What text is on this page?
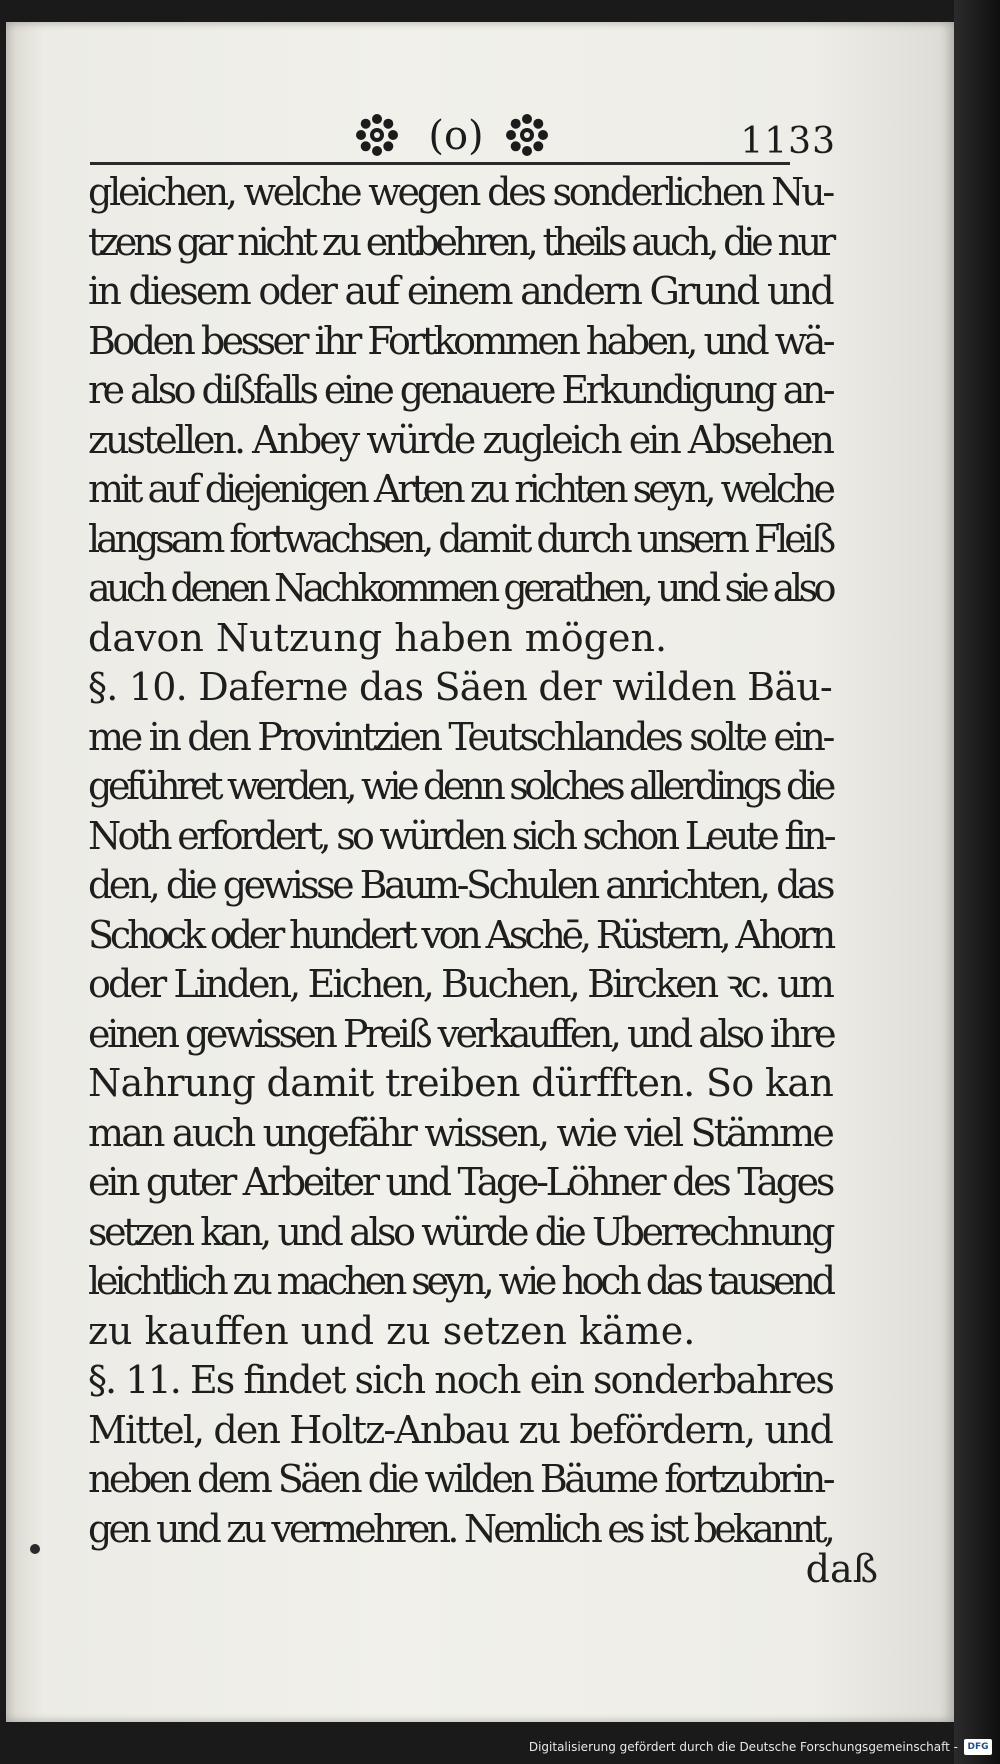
(o)	1133
gleichen, welche wegen des sonderlichen Nu-
tzens gar nicht zu entbehren, theils auch, die nur
in diesem oder auf einem andern Grund und
Boden besser ihr Fortkommen haben, und wä-
re also dißfalls eine genauere Erkundigung an-
zustellen. Anbey würde zugleich ein Absehen
mit auf diejenigen Arten zu richten seyn, welche
langsam fortwachsen, damit durch unsern Fleiß
auch denen Nachkommen gerathen, und sie also
davon Nutzung haben mögen.
§. 10. Daferne das Säen der wilden Bäu-
me in den Provintzien Teutschlandes solte ein-
geführet werden, wie denn solches allerdings die
Noth erfordert, so würden sich schon Leute fin-
den, die gewisse Baum-Schulen anrichten, das
Schock oder hundert von Aschē, Rüstern, Ahorn
oder Linden, Eichen, Buchen, Bircken ꝛc. um
einen gewissen Preiß verkauffen, und also ihre
Nahrung damit treiben dürfften. So kan
man auch ungefähr wissen, wie viel Stämme
ein guter Arbeiter und Tage-Löhner des Tages
setzen kan, und also würde die Uberrechnung
leichtlich zu machen seyn, wie hoch das tausend
zu kauffen und zu setzen käme.
§. 11. Es findet sich noch ein sonderbahres
Mittel, den Holtz-Anbau zu befördern, und
neben dem Säen die wilden Bäume fortzubrin-
gen und zu vermehren. Nemlich es ist bekannt,
daß
Digitalisierung gefördert durch die Deutsche Forschungsgemeinschaft - DFG
